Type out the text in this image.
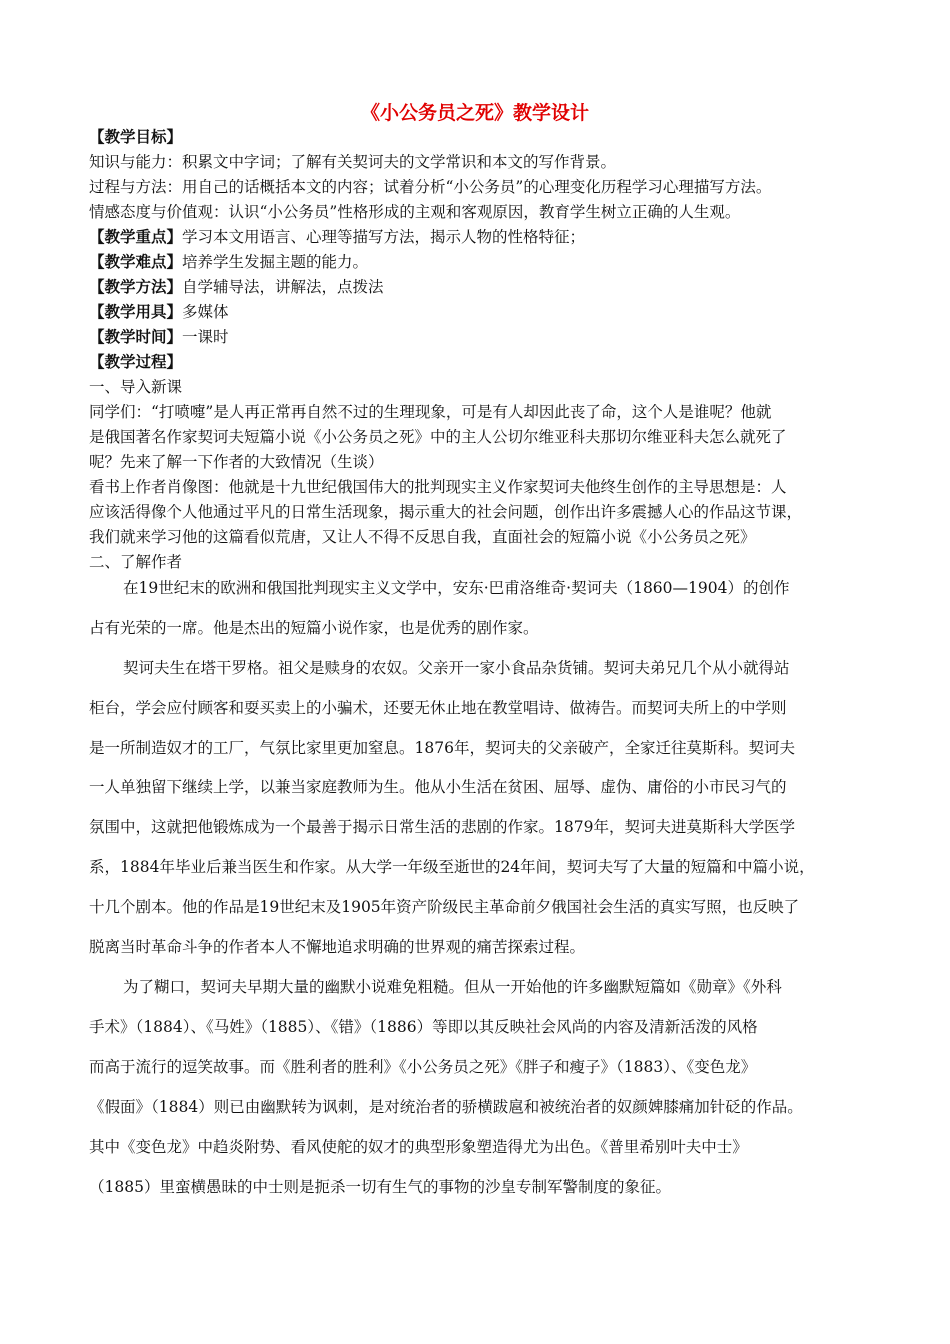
《小公务员之死》教学设计

【教学目标】

知识与能力：积累文中字词；了解有关契诃夫的文学常识和本文的写作背景。

过程与方法：用自己的话概括本文的内容；试着分析“小公务员”的心理变化历程学习心理描写方法。

情感态度与价值观：认识“小公务员”性格形成的主观和客观原因，教育学生树立正确的人生观。

【教学重点】学习本文用语言、心理等描写方法，揭示人物的性格特征；

【教学难点】培养学生发掘主题的能力。

【教学方法】自学辅导法，讲解法，点拨法

【教学用具】多媒体

【教学时间】一课时

【教学过程】

一、导入新课

同学们：“打喷嚏”是人再正常再自然不过的生理现象，可是有人却因此丧了命，这个人是谁呢？他就

是俄国著名作家契诃夫短篇小说《小公务员之死》中的主人公切尔维亚科夫那切尔维亚科夫怎么就死了

呢？先来了解一下作者的大致情况（生谈）

看书上作者肖像图：他就是十九世纪俄国伟大的批判现实主义作家契诃夫他终生创作的主导思想是：人

应该活得像个人他通过平凡的日常生活现象，揭示重大的社会问题，创作出许多震撼人心的作品这节课，

我们就来学习他的这篇看似荒唐，又让人不得不反思自我，直面社会的短篇小说《小公务员之死》

二、了解作者

在19世纪末的欧洲和俄国批判现实主义文学中，安东·巴甫洛维奇·契诃夫（1860—1904）的创作

占有光荣的一席。他是杰出的短篇小说作家，也是优秀的剧作家。

契诃夫生在塔干罗格。祖父是赎身的农奴。父亲开一家小食品杂货铺。契诃夫弟兄几个从小就得站

柜台，学会应付顾客和耍买卖上的小骗术，还要无休止地在教堂唱诗、做祷告。而契诃夫所上的中学则

是一所制造奴才的工厂，气氛比家里更加窒息。1876年，契诃夫的父亲破产，全家迁往莫斯科。契诃夫

一人单独留下继续上学，以兼当家庭教师为生。他从小生活在贫困、屈辱、虚伪、庸俗的小市民习气的

氛围中，这就把他锻炼成为一个最善于揭示日常生活的悲剧的作家。1879年，契诃夫进莫斯科大学医学

系，1884年毕业后兼当医生和作家。从大学一年级至逝世的24年间，契诃夫写了大量的短篇和中篇小说，

十几个剧本。他的作品是19世纪末及1905年资产阶级民主革命前夕俄国社会生活的真实写照，也反映了

脱离当时革命斗争的作者本人不懈地追求明确的世界观的痛苦探索过程。

为了糊口，契诃夫早期大量的幽默小说难免粗糙。但从一开始他的许多幽默短篇如《勋章》《外科

手术》（1884）、《马姓》（1885）、《错》（1886）等即以其反映社会风尚的内容及清新活泼的风格

而高于流行的逗笑故事。而《胜利者的胜利》《小公务员之死》《胖子和瘦子》（1883）、《变色龙》

《假面》（1884）则已由幽默转为讽刺，是对统治者的骄横跋扈和被统治者的奴颜婢膝痛加针砭的作品。

其中《变色龙》中趋炎附势、看风使舵的奴才的典型形象塑造得尤为出色。《普里希别叶夫中士》

（1885）里蛮横愚昧的中士则是扼杀一切有生气的事物的沙皇专制军警制度的象征。
